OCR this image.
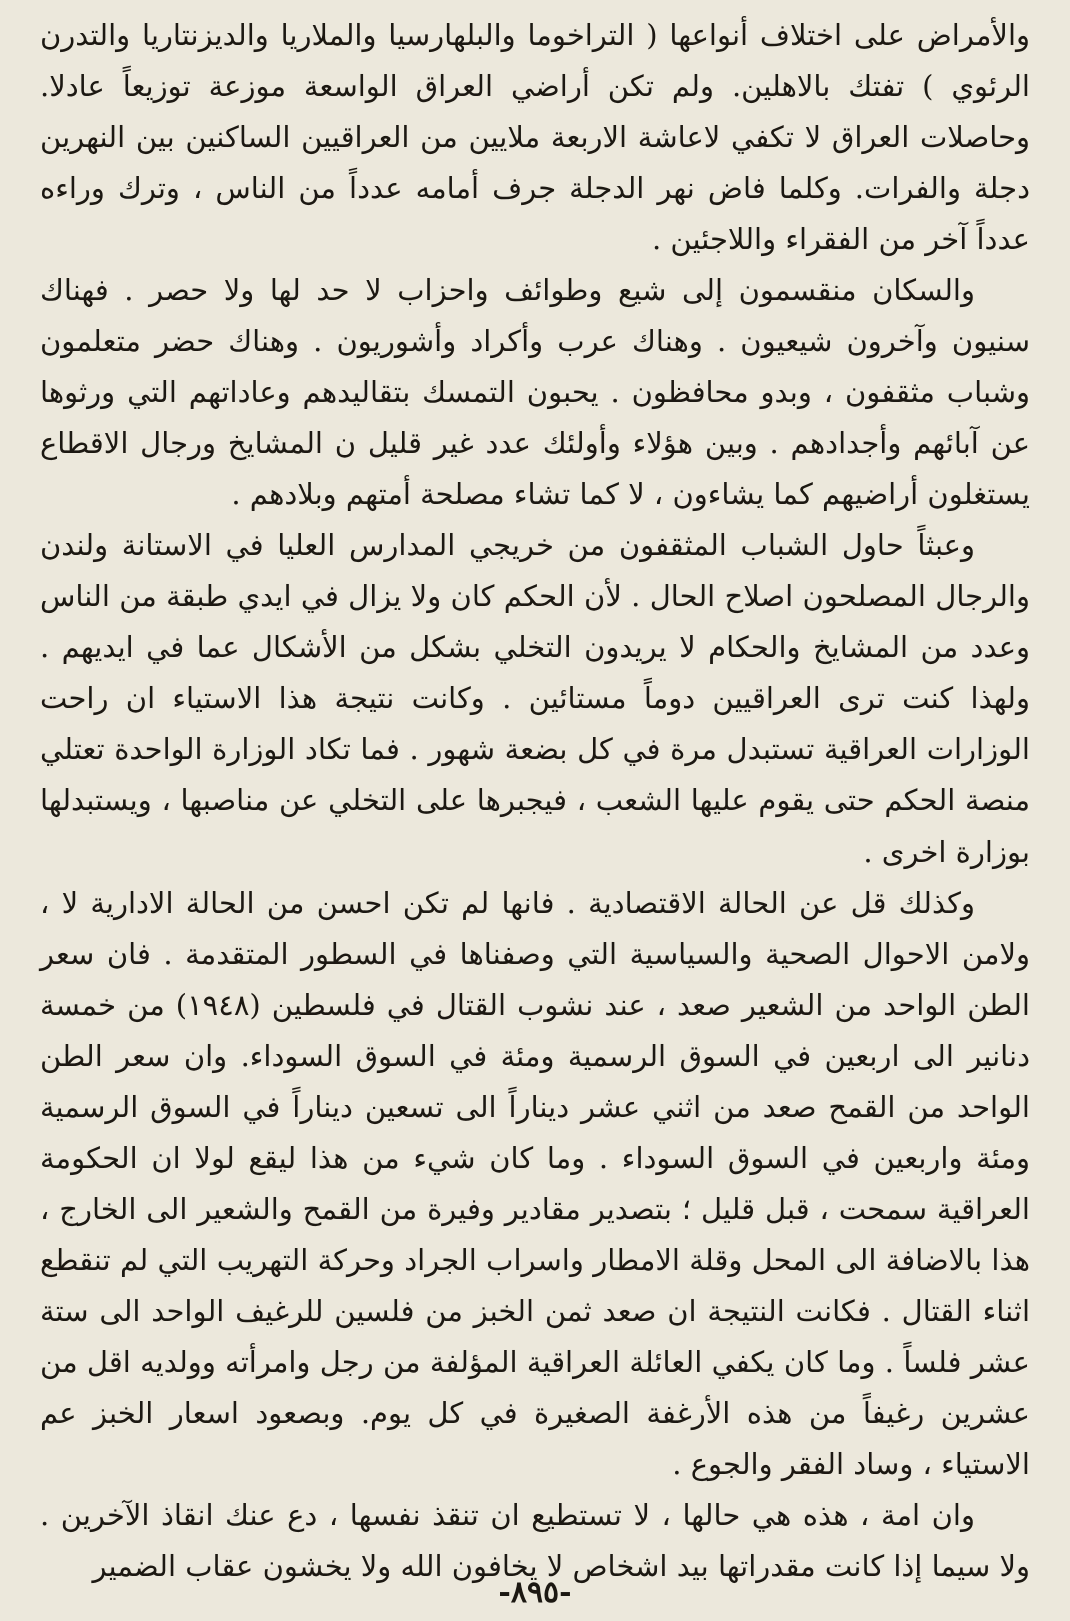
والأمراض على اختلاف أنواعها ( التراخوما والبلهارسيا والملاريا والديزنتاريا والتدرن الرئوي ) تفتك بالاهلين. ولم تكن أراضي العراق الواسعة موزعة توزيعاً عادلا. وحاصلات العراق لا تكفي لاعاشة الاربعة ملايين من العراقيين الساكنين بين النهرين دجلة والفرات. وكلما فاض نهر الدجلة جرف أمامه عدداً من الناس ، وترك وراءه عدداً آخر من الفقراء واللاجئين .

والسكان منقسمون إلى شيع وطوائف واحزاب لا حد لها ولا حصر . فهناك سنيون وآخرون شيعيون . وهناك عرب وأكراد وأشوريون . وهناك حضر متعلمون وشباب مثقفون ، وبدو محافظون . يحبون التمسك بتقاليدهم وعاداتهم التي ورثوها عن آبائهم وأجدادهم . وبين هؤلاء وأولئك عدد غير قليل ن المشايخ ورجال الاقطاع يستغلون أراضيهم كما يشاءون ، لا كما تشاء مصلحة أمتهم وبلادهم .

وعبثاً حاول الشباب المثقفون من خريجي المدارس العليا في الاستانة ولندن والرجال المصلحون اصلاح الحال . لأن الحكم كان ولا يزال في ايدي طبقة من الناس وعدد من المشايخ والحكام لا يريدون التخلي بشكل من الأشكال عما في ايديهم . ولهذا كنت ترى العراقيين دوماً مستائين . وكانت نتيجة هذا الاستياء ان راحت الوزارات العراقية تستبدل مرة في كل بضعة شهور . فما تكاد الوزارة الواحدة تعتلي منصة الحكم حتى يقوم عليها الشعب ، فيجبرها على التخلي عن مناصبها ، ويستبدلها بوزارة اخرى .

وكذلك قل عن الحالة الاقتصادية . فانها لم تكن احسن من الحالة الادارية لا ، ولامن الاحوال الصحية والسياسية التي وصفناها في السطور المتقدمة . فان سعر الطن الواحد من الشعير صعد ، عند نشوب القتال في فلسطين (١٩٤٨) من خمسة دنانير الى اربعين في السوق الرسمية ومئة في السوق السوداء. وان سعر الطن الواحد من القمح صعد من اثني عشر ديناراً الى تسعين ديناراً في السوق الرسمية ومئة واربعين في السوق السوداء . وما كان شيء من هذا ليقع لولا ان الحكومة العراقية سمحت ، قبل قليل ؛ بتصدير مقادير وفيرة من القمح والشعير الى الخارج ، هذا بالاضافة الى المحل وقلة الامطار واسراب الجراد وحركة التهريب التي لم تنقطع اثناء القتال . فكانت النتيجة ان صعد ثمن الخبز من فلسين للرغيف الواحد الى ستة عشر فلساً . وما كان يكفي العائلة العراقية المؤلفة من رجل وامرأته وولديه اقل من عشرين رغيفاً من هذه الأرغفة الصغيرة في كل يوم. وبصعود اسعار الخبز عم الاستياء ، وساد الفقر والجوع .

وان امة ، هذه هي حالها ، لا تستطيع ان تنقذ نفسها ، دع عنك انقاذ الآخرين . ولا سيما إذا كانت مقدراتها بيد اشخاص لا يخافون الله ولا يخشون عقاب الضمير

-٨٩٥-
